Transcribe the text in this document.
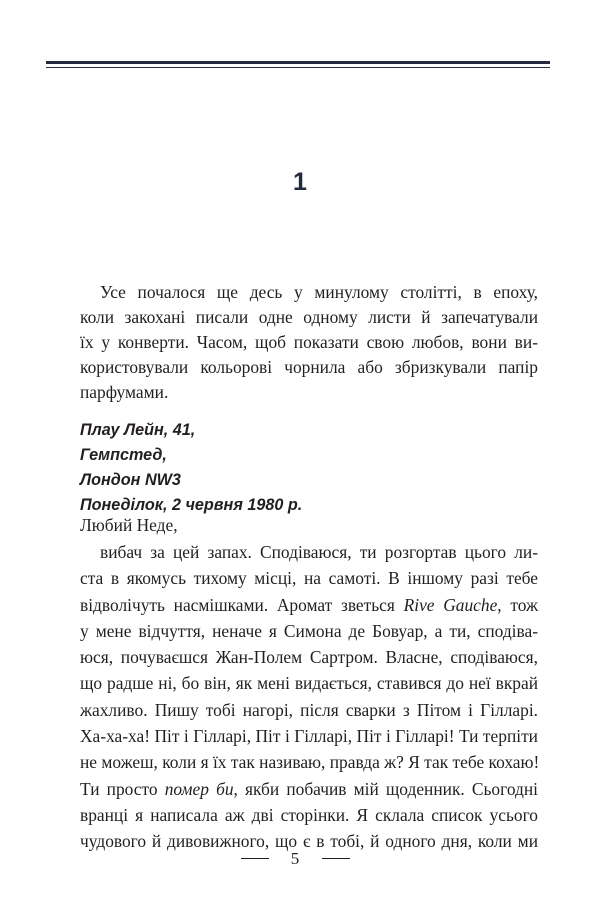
1
Усе почалося ще десь у минулому столітті, в епоху,
коли закохані писали одне одному листи й запечатували
їх у конверти. Часом, щоб показати свою любов, вони ви-
користовували кольорові чорнила або збризкували папір
парфумами.
Плау Лейн, 41,
Гемпстед,
Лондон NW3
Понеділок, 2 червня 1980 р.
Любий Неде,
вибач за цей запах. Сподіваюся, ти розгортав цього ли-
ста в якомусь тихому місці, на самоті. В іншому разі тебе
відволічуть насмішками. Аромат зветься Rive Gauche, тож
у мене відчуття, неначе я Симона де Бовуар, а ти, сподіва-
юся, почуваєшся Жан-Полем Сартром. Власне, сподіваюся,
що радше ні, бо він, як мені видається, ставився до неї вкрай
жахливо. Пишу тобі нагорі, після сварки з Пітом і Гілларі.
Ха-ха-ха! Піт і Гілларі, Піт і Гілларі, Піт і Гілларі! Ти терпіти
не можеш, коли я їх так називаю, правда ж? Я так тебе кохаю!
Ти просто помер би, якби побачив мій щоденник. Сьогодні
вранці я написала аж дві сторінки. Я склала список усього
чудового й дивовижного, що є в тобі, й одного дня, коли ми
5
